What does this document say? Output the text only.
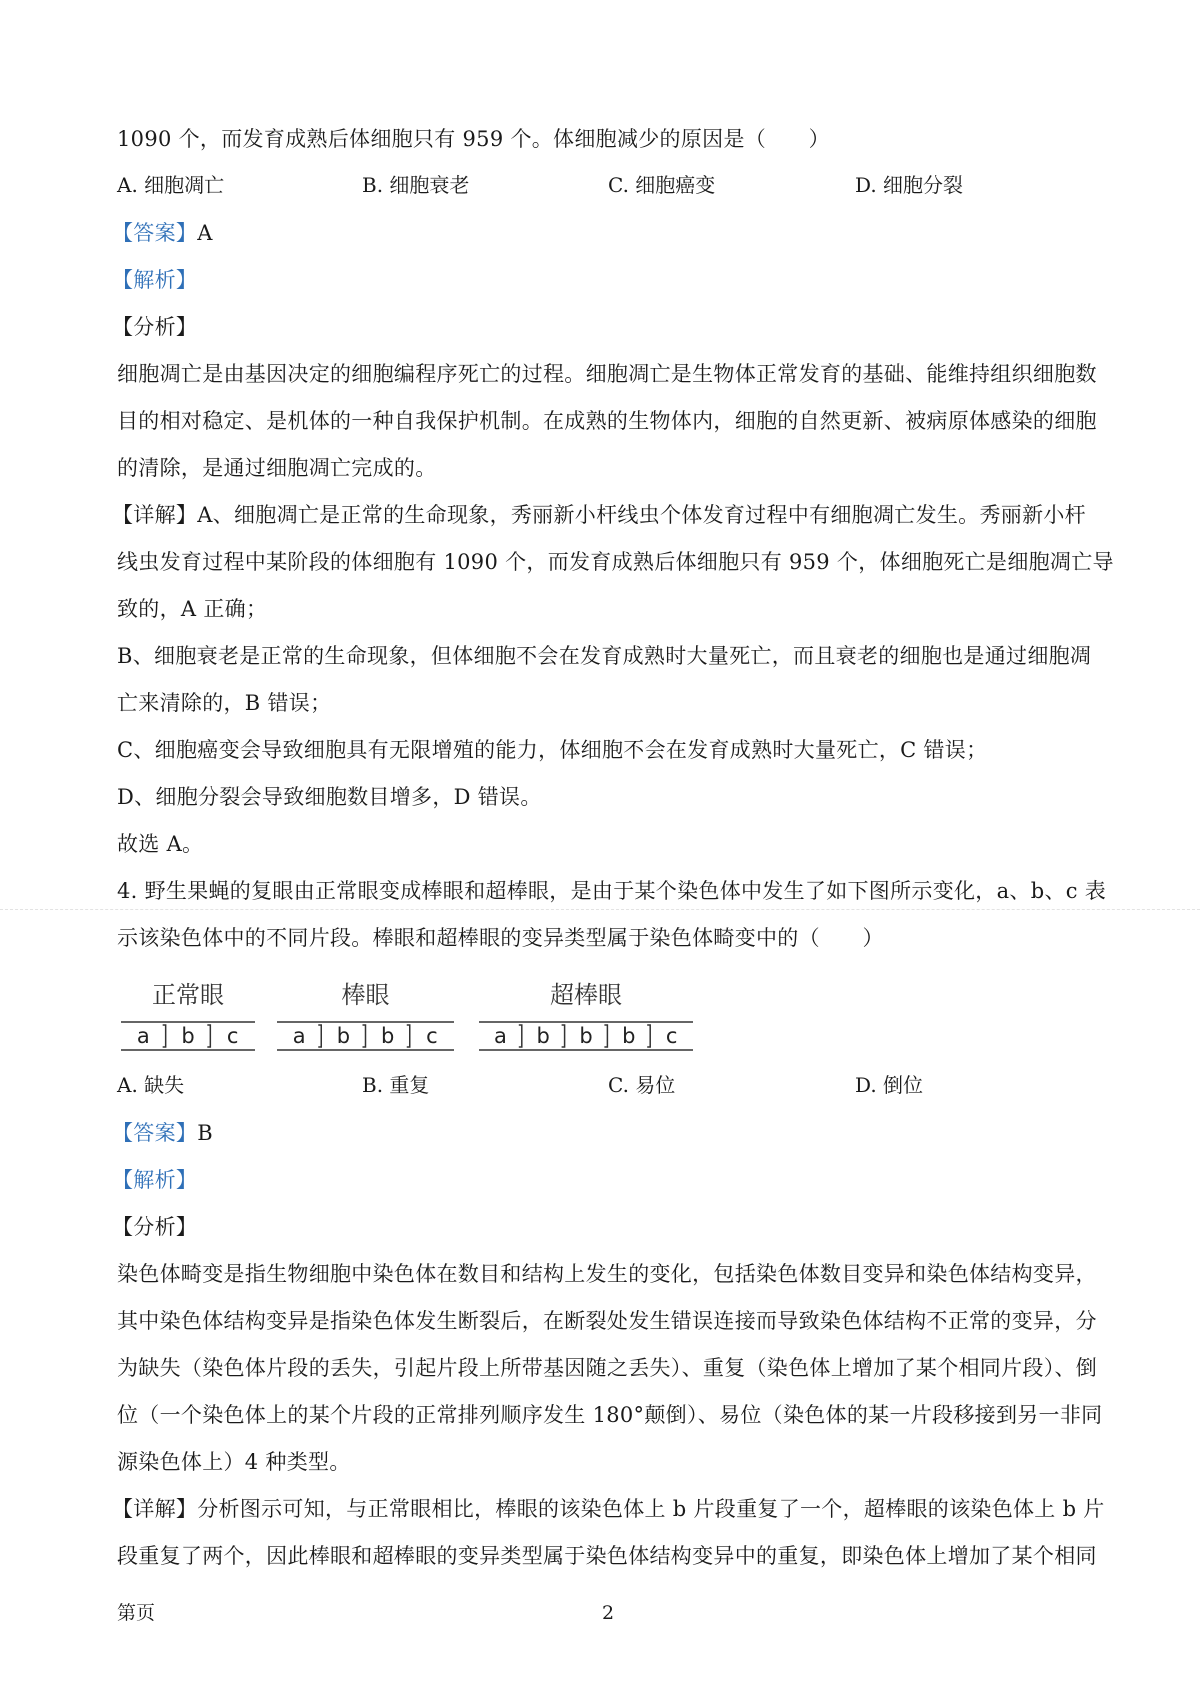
1090 个，而发育成熟后体细胞只有 959 个。体细胞减少的原因是（　　）
A. 细胞凋亡	B. 细胞衰老	C. 细胞癌变	D. 细胞分裂
【答案】A
【解析】
【分析】
细胞凋亡是由基因决定的细胞编程序死亡的过程。细胞凋亡是生物体正常发育的基础、能维持组织细胞数
目的相对稳定、是机体的一种自我保护机制。在成熟的生物体内，细胞的自然更新、被病原体感染的细胞
的清除，是通过细胞凋亡完成的。
【详解】A、细胞凋亡是正常的生命现象，秀丽新小杆线虫个体发育过程中有细胞凋亡发生。秀丽新小杆
线虫发育过程中某阶段的体细胞有 1090 个，而发育成熟后体细胞只有 959 个，体细胞死亡是细胞凋亡导
致的，A 正确；
B、细胞衰老是正常的生命现象，但体细胞不会在发育成熟时大量死亡，而且衰老的细胞也是通过细胞凋
亡来清除的，B 错误；
C、细胞癌变会导致细胞具有无限增殖的能力，体细胞不会在发育成熟时大量死亡，C 错误；
D、细胞分裂会导致细胞数目增多，D 错误。
故选 A。
4. 野生果蝇的复眼由正常眼变成棒眼和超棒眼，是由于某个染色体中发生了如下图所示变化，a、b、c 表
示该染色体中的不同片段。棒眼和超棒眼的变异类型属于染色体畸变中的（　　）
正常眼
a b c
棒眼
a b b c
超棒眼
a b b b c
A. 缺失	B. 重复	C. 易位	D. 倒位
【答案】B
【解析】
【分析】
染色体畸变是指生物细胞中染色体在数目和结构上发生的变化，包括染色体数目变异和染色体结构变异，
其中染色体结构变异是指染色体发生断裂后，在断裂处发生错误连接而导致染色体结构不正常的变异，分
为缺失（染色体片段的丢失，引起片段上所带基因随之丢失）、重复（染色体上增加了某个相同片段）、倒
位（一个染色体上的某个片段的正常排列顺序发生 180°颠倒）、易位（染色体的某一片段移接到另一非同
源染色体上）4 种类型。
【详解】分析图示可知，与正常眼相比，棒眼的该染色体上 b 片段重复了一个，超棒眼的该染色体上 b 片
段重复了两个，因此棒眼和超棒眼的变异类型属于染色体结构变异中的重复，即染色体上增加了某个相同
第页	2
